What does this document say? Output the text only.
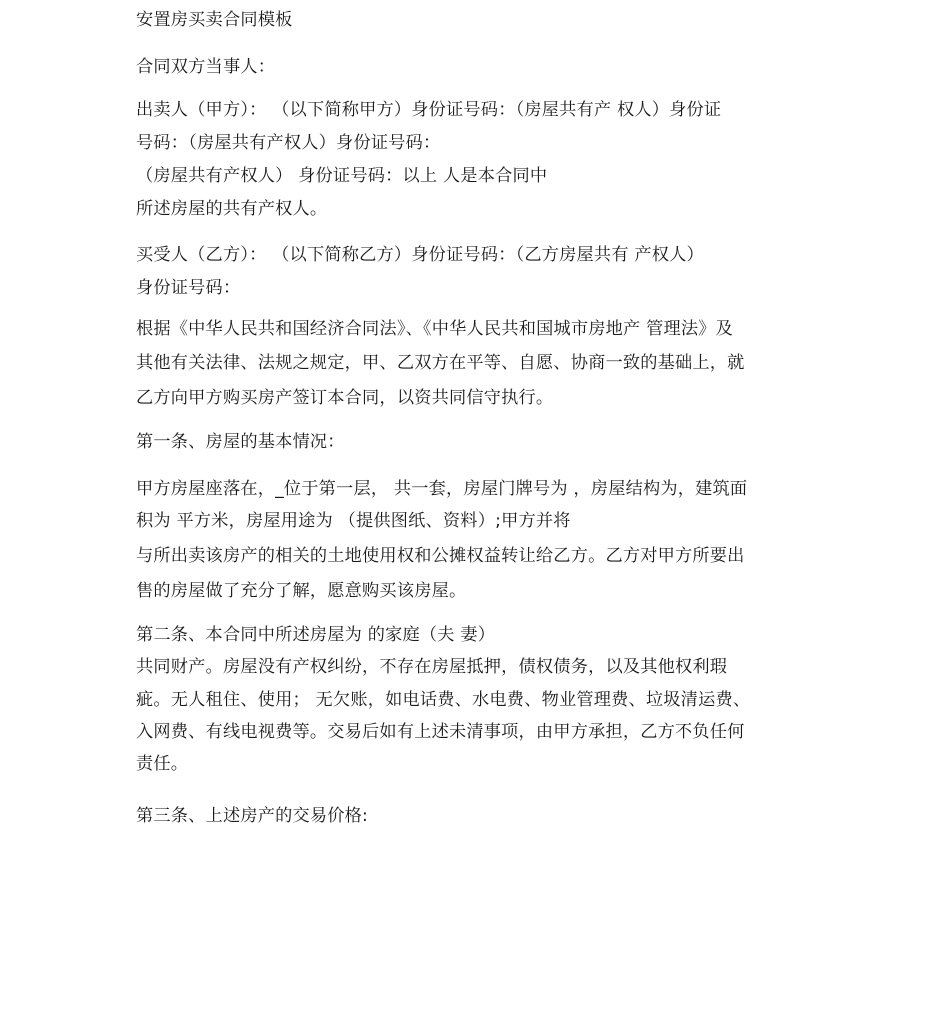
安置房买卖合同模板
合同双方当事人：
出卖人（甲方）： （以下简称甲方）身份证号码：（房屋共有产 权人）身份证
号码：（房屋共有产权人）身份证号码：
（房屋共有产权人） 身份证号码：以上 人是本合同中
所述房屋的共有产权人。
买受人（乙方）： （以下简称乙方）身份证号码：（乙方房屋共有 产权人）
身份证号码：
根据《中华人民共和国经济合同法》、《中华人民共和国城市房地产 管理法》及
其他有关法律、法规之规定，甲、乙双方在平等、自愿、协商一致的基础上，就
乙方向甲方购买房产签订本合同，以资共同信守执行。
第一条、房屋的基本情况：
甲方房屋座落在，_位于第一层， 共一套，房屋门牌号为 ，房屋结构为，建筑面
积为 平方米，房屋用途为 （提供图纸、资料）;甲方并将
与所出卖该房产的相关的土地使用权和公摊权益转让给乙方。乙方对甲方所要出
售的房屋做了充分了解，愿意购买该房屋。
第二条、本合同中所述房屋为 的家庭（夫 妻）
共同财产。房屋没有产权纠纷，不存在房屋抵押，债权债务，以及其他权利瑕
疵。无人租住、使用； 无欠账，如电话费、水电费、物业管理费、垃圾清运费、
入网费、有线电视费等。交易后如有上述未清事项，由甲方承担，乙方不负任何
责任。
第三条、上述房产的交易价格:
